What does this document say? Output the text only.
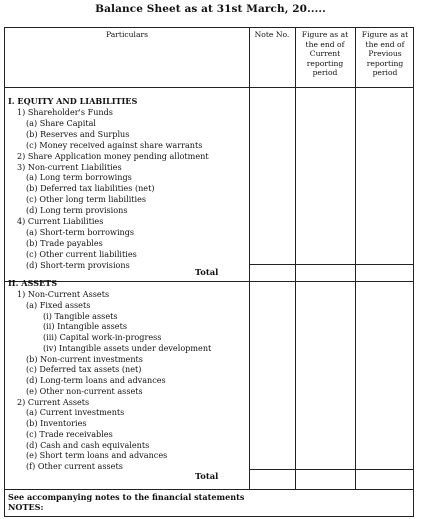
Balance Sheet as at 31st March, 20.....
Particulars	Note No.	Figure as at the end of Current reporting period
Figure as at the end of Previous reporting period
I. EQUITY AND LIABILITIES
1) Shareholder's Funds
(a) Share Capital
(b) Reserves and Surplus
(c) Money received against share warrants
2) Share Application money pending allotment
3) Non-current Liabilities
(a) Long term borrowings
(b) Deferred tax liabilities (net)
(c) Other long term liabilities
(d) Long term provisions
4) Current Liabilities
(a) Short-term borrowings
(b) Trade payables
(c) Other current liabilities
(d) Short-term provisions
Total
II. ASSETS
1) Non-Current Assets
(a) Fixed assets
(i) Tangible assets
(ii) Intangible assets
(iii) Capital work-in-progress
(iv) Intangible assets under development
(b) Non-current investments
(c) Deferred tax assets (net)
(d) Long-term loans and advances
(e) Other non-current assets
2) Current Assets
(a) Current investments
(b) Inventories
(c) Trade receivables
(d) Cash and cash equivalents
(e) Short term loans and advances
(f) Other current assets
Total
See accompanying notes to the financial statements
NOTES:
